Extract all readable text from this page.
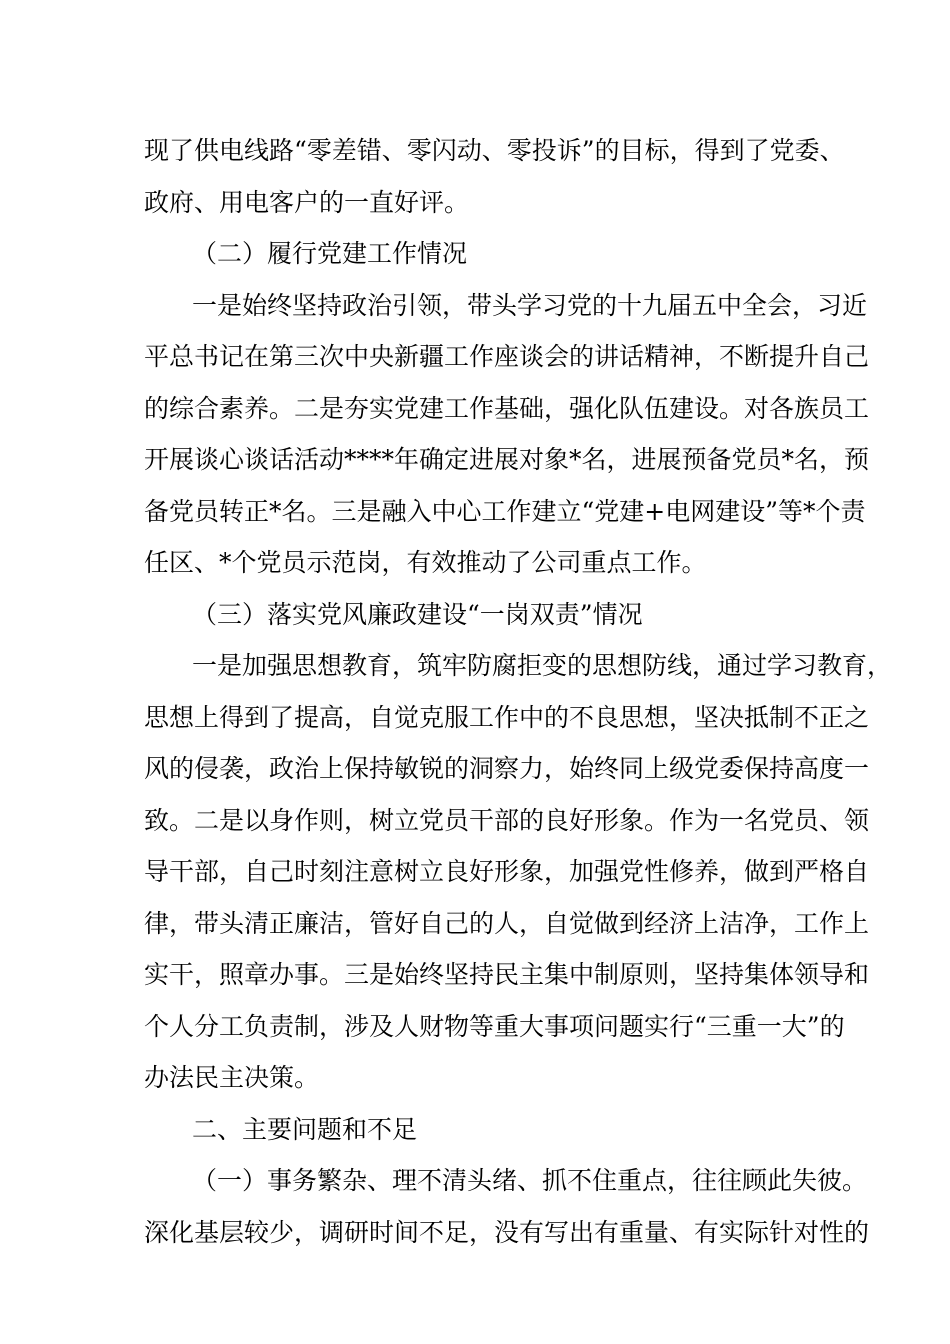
现了供电线路“零差错、零闪动、零投诉”的目标，得到了党委、
政府、用电客户的一直好评。
（二）履行党建工作情况
一是始终坚持政治引领，带头学习党的十九届五中全会，习近
平总书记在第三次中央新疆工作座谈会的讲话精神，不断提升自己
的综合素养。二是夯实党建工作基础，强化队伍建设。对各族员工
开展谈心谈话活动****年确定进展对象*名，进展预备党员*名，预
备党员转正*名。三是融入中心工作建立“党建+电网建设”等*个责
任区、*个党员示范岗，有效推动了公司重点工作。
（三）落实党风廉政建设“一岗双责”情况
一是加强思想教育，筑牢防腐拒变的思想防线，通过学习教育，
思想上得到了提高，自觉克服工作中的不良思想，坚决抵制不正之
风的侵袭，政治上保持敏锐的洞察力，始终同上级党委保持高度一
致。二是以身作则，树立党员干部的良好形象。作为一名党员、领
导干部，自己时刻注意树立良好形象，加强党性修养，做到严格自
律，带头清正廉洁，管好自己的人，自觉做到经济上洁净，工作上
实干，照章办事。三是始终坚持民主集中制原则，坚持集体领导和
个人分工负责制，涉及人财物等重大事项问题实行“三重一大”的
办法民主决策。
二、主要问题和不足
（一）事务繁杂、理不清头绪、抓不住重点，往往顾此失彼。
深化基层较少，调研时间不足，没有写出有重量、有实际针对性的
